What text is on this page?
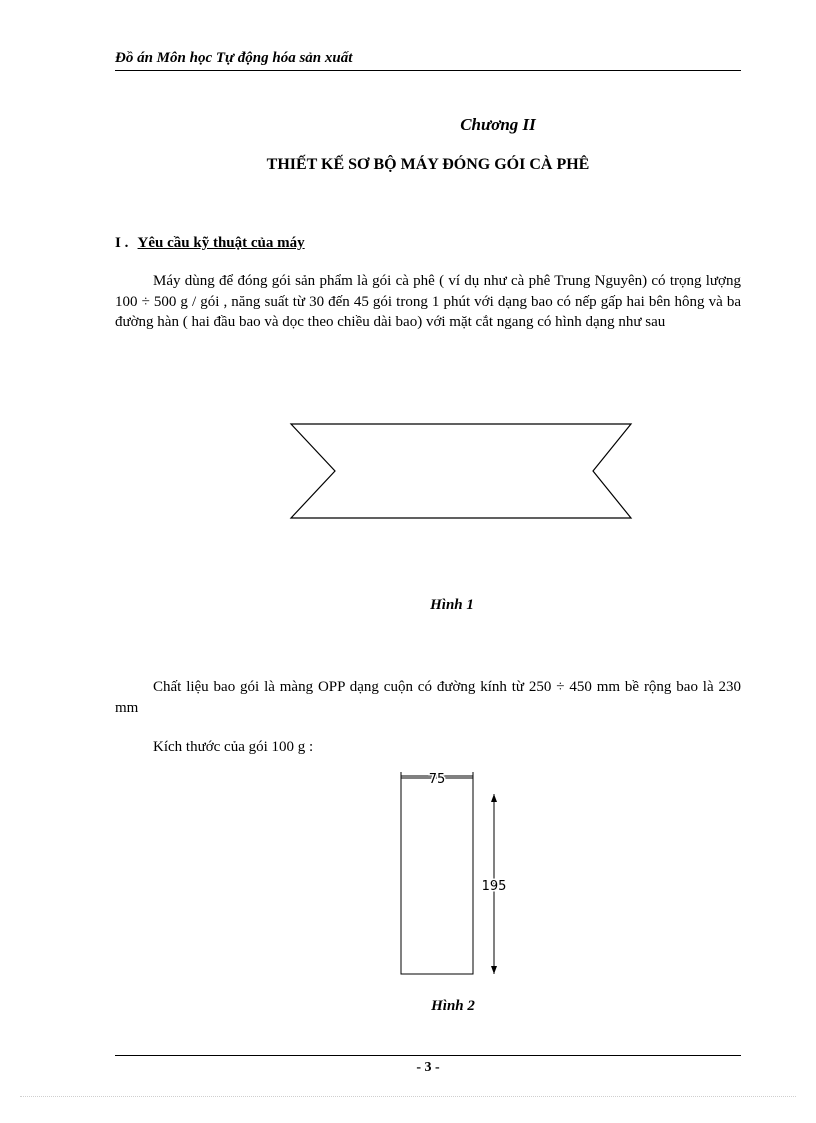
Đồ án Môn học Tự động hóa sản xuất
Chương II
THIẾT KẾ SƠ BỘ MÁY ĐÓNG GÓI CÀ PHÊ
I . Yêu cầu kỹ thuật của máy
Máy dùng để đóng gói sản phẩm là gói cà phê ( ví dụ như cà phê Trung Nguyên) có trọng lượng 100 ÷ 500 g / gói , năng suất từ 30 đến 45 gói trong 1 phút với dạng bao có nếp gấp hai bên hông và ba đường hàn ( hai đầu bao và dọc theo chiều dài bao) với mặt cắt ngang có hình dạng như sau
Hình 1
Chất liệu bao gói là màng OPP dạng cuộn có đường kính từ 250 ÷ 450 mm bề rộng bao là 230 mm
Kích thước của gói 100 g :
75
195
Hình 2
- 3 -
